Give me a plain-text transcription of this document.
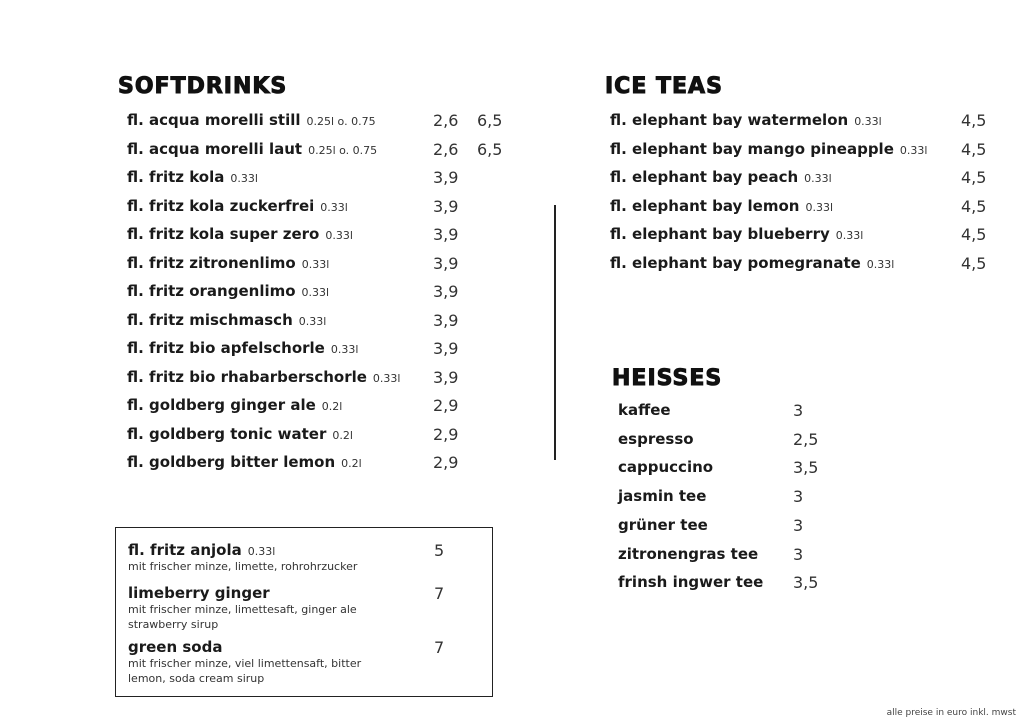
SOFTDRINKS
fl. acqua morelli still 0.25l o. 0.75	2,6 6,5
fl. acqua morelli laut 0.25l o. 0.75	2,6 6,5
fl. fritz kola 0.33l	3,9
fl. fritz kola zuckerfrei 0.33l	3,9
fl. fritz kola super zero 0.33l	3,9
fl. fritz zitronenlimo 0.33l	3,9
fl. fritz orangenlimo 0.33l	3,9
fl. fritz mischmasch 0.33l	3,9
fl. fritz bio apfelschorle 0.33l	3,9
fl. fritz bio rhabarberschorle 0.33l 3,9
fl. goldberg ginger ale 0.2l	2,9
fl. goldberg tonic water 0.2l	2,9
fl. goldberg bitter lemon 0.2l	2,9
fl. fritz anjola 0.33l
mit frischer minze, limette, rohrohrzucker
5
limeberry ginger
mit frischer minze, limettesaft, ginger ale strawberry sirup
7
green soda
mit frischer minze, viel limettensaft, bitter lemon, soda cream sirup
7
ICE TEAS
fl. elephant bay watermelon 0.33l	4,5
fl. elephant bay mango pineapple 0.33l 4,5
fl. elephant bay peach 0.33l	4,5
fl. elephant bay lemon 0.33l	4,5
fl. elephant bay blueberry 0.33l	4,5
fl. elephant bay pomegranate 0.33l	4,5
HEISSES
kaffee	3
espresso	2,5
cappuccino	3,5
jasmin tee	3
grüner tee	3
zitronengras tee 3
frinsh ingwer tee 3,5
alle preise in euro inkl. mwst
